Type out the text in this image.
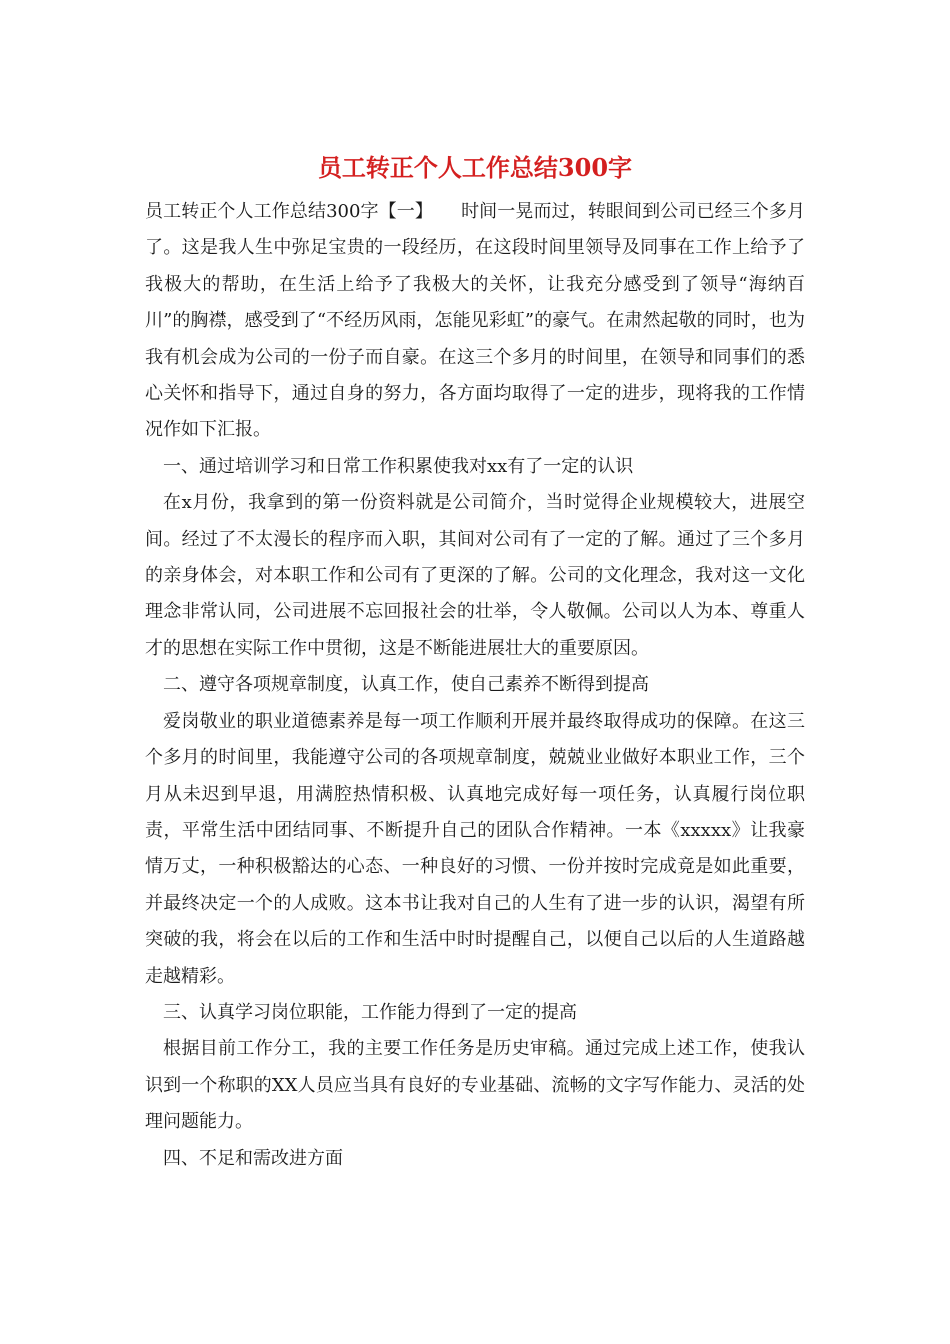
员工转正个人工作总结300字

员工转正个人工作总结300字【一】 时间一晃而过，转眼间到公司已经三个多月了。这是我人生中弥足宝贵的一段经历，在这段时间里领导及同事在工作上给予了我极大的帮助，在生活上给予了我极大的关怀，让我充分感受到了领导“海纳百川”的胸襟，感受到了“不经历风雨，怎能见彩虹”的豪气。在肃然起敬的同时，也为我有机会成为公司的一份子而自豪。在这三个多月的时间里，在领导和同事们的悉心关怀和指导下，通过自身的努力，各方面均取得了一定的进步，现将我的工作情况作如下汇报。

一、通过培训学习和日常工作积累使我对xx有了一定的认识

在x月份，我拿到的第一份资料就是公司简介，当时觉得企业规模较大，进展空间。经过了不太漫长的程序而入职，其间对公司有了一定的了解。通过了三个多月的亲身体会，对本职工作和公司有了更深的了解。公司的文化理念，我对这一文化理念非常认同，公司进展不忘回报社会的壮举，令人敬佩。公司以人为本、尊重人才的思想在实际工作中贯彻，这是不断能进展壮大的重要原因。

二、遵守各项规章制度，认真工作，使自己素养不断得到提高

爱岗敬业的职业道德素养是每一项工作顺利开展并最终取得成功的保障。在这三个多月的时间里，我能遵守公司的各项规章制度，兢兢业业做好本职业工作，三个月从未迟到早退，用满腔热情积极、认真地完成好每一项任务，认真履行岗位职责，平常生活中团结同事、不断提升自己的团队合作精神。一本《xxxxx》让我豪情万丈，一种积极豁达的心态、一种良好的习惯、一份并按时完成竟是如此重要，并最终决定一个的人成败。这本书让我对自己的人生有了进一步的认识，渴望有所突破的我，将会在以后的工作和生活中时时提醒自己，以便自己以后的人生道路越走越精彩。

三、认真学习岗位职能，工作能力得到了一定的提高

根据目前工作分工，我的主要工作任务是历史审稿。通过完成上述工作，使我认识到一个称职的XX人员应当具有良好的专业基础、流畅的文字写作能力、灵活的处理问题能力。

四、不足和需改进方面
